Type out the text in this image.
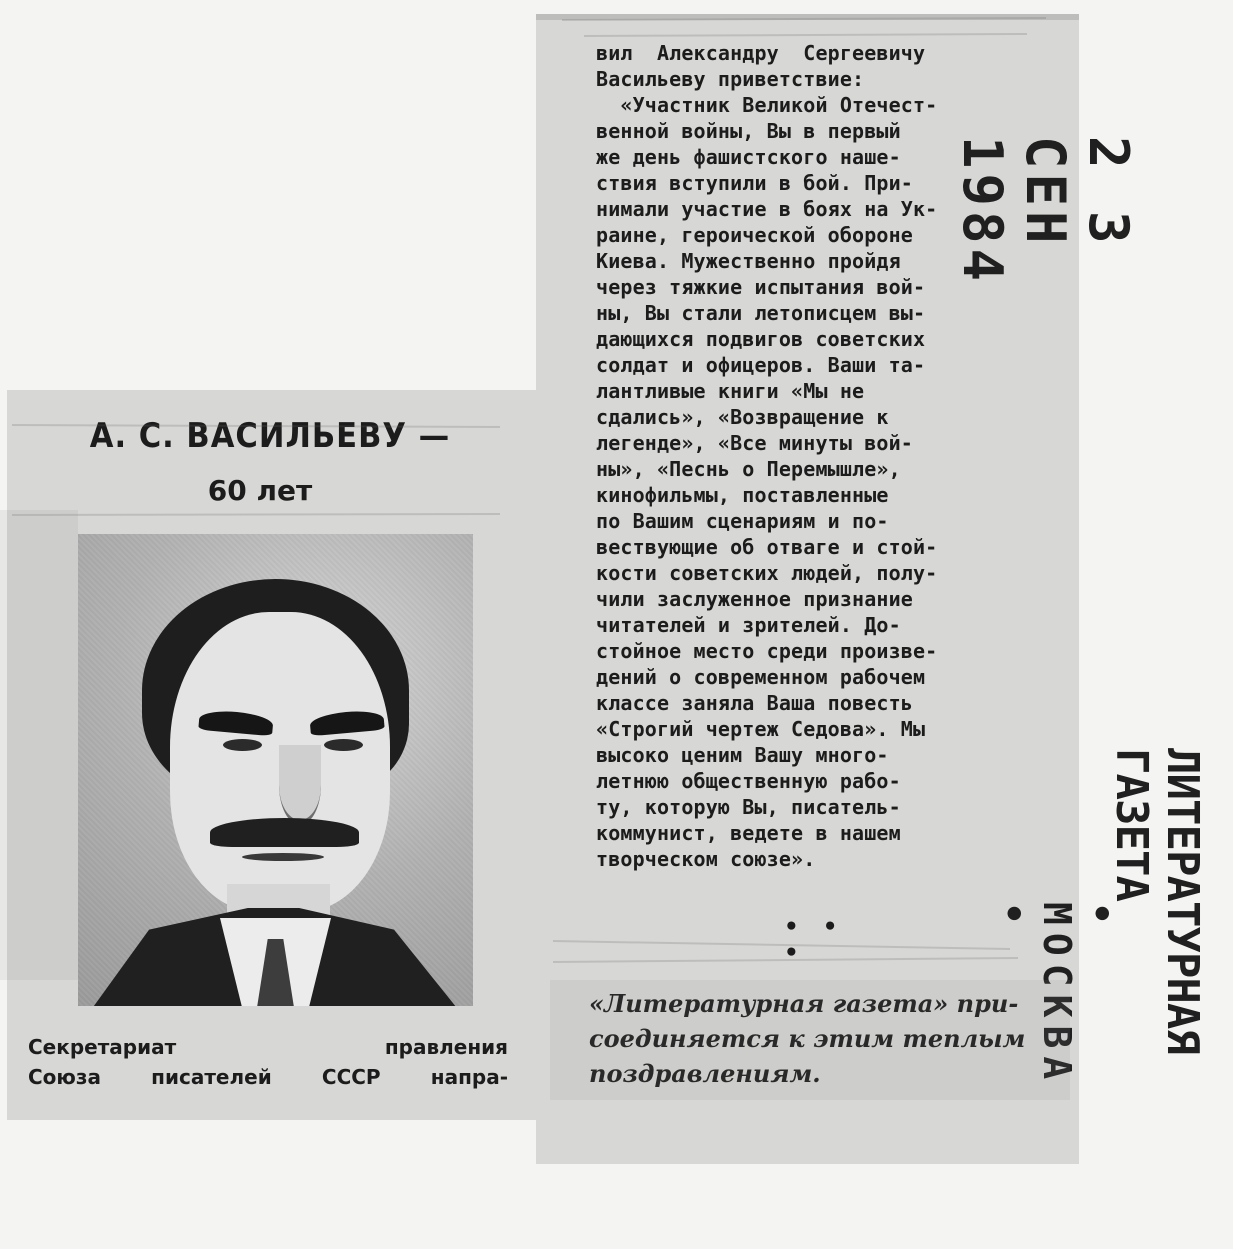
А. С. ВАСИЛЬЕВУ —
60 лет
Секретариат правления
Союза писателей СССР напра-
вил  Александру  Сергеевичу
Васильеву приветствие:
«Участник Великой Отечест-
венной войны, Вы в первый
же день фашистского наше-
ствия вступили в бой. При-
нимали участие в боях на Ук-
раине, героической обороне
Киева. Мужественно пройдя
через тяжкие испытания вой-
ны, Вы стали летописцем вы-
дающихся подвигов советских
солдат и офицеров. Ваши та-
лантливые книги «Мы не
сдались», «Возвращение к
легенде», «Все минуты вой-
ны», «Песнь о Перемышле»,
кинофильмы, поставленные
по Вашим сценариям и по-
вествующие об отваге и стой-
кости советских людей, полу-
чили заслуженное признание
читателей и зрителей. До-
стойное место среди произве-
дений о современном рабочем
классе заняла Ваша повесть
«Строгий чертеж Седова». Мы
высоко ценим Вашу много-
летнюю общественную рабо-
ту, которую Вы, писатель-
коммунист, ведете в нашем
творческом союзе».
• • •
«Литературная газета» при-
соединяется к этим теплым
поздравлениям.
2 3 СЕН 1984
ЛИТЕРАТУРНАЯ ГАЗЕТА
• МОСКВА •
